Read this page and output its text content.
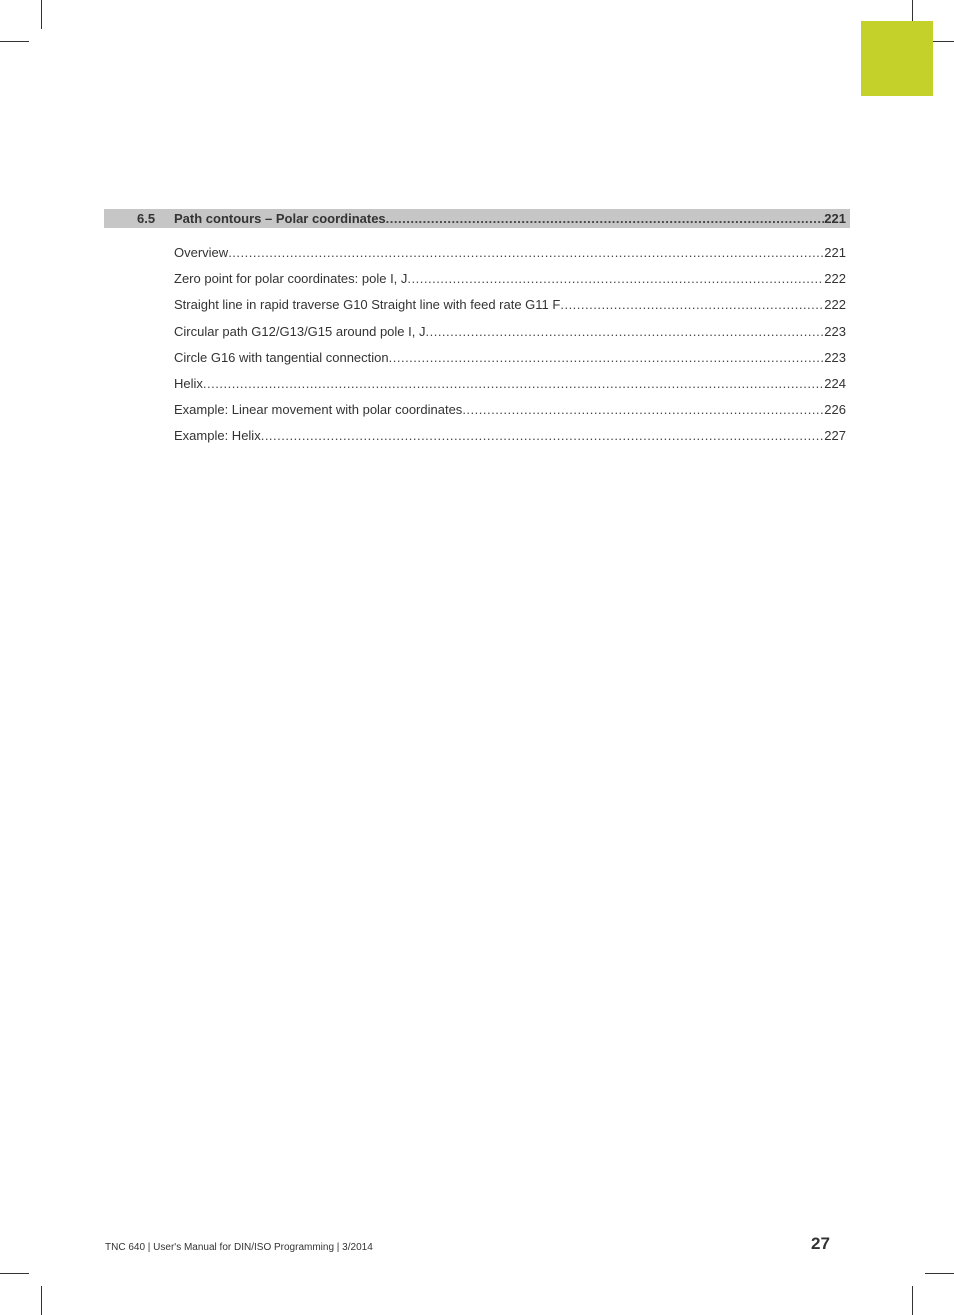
6.5 Path contours – Polar coordinates .....	221
Overview .....	221
Zero point for polar coordinates: pole I, J .....	222
Straight line in rapid traverse G10 Straight line with feed rate G11 F .....	222
Circular path G12/G13/G15 around pole I, J .....	223
Circle G16 with tangential connection .....	223
Helix .....	224
Example: Linear movement with polar coordinates .....	226
Example: Helix .....	227
TNC 640 | User's Manual for DIN/ISO Programming | 3/2014	27
